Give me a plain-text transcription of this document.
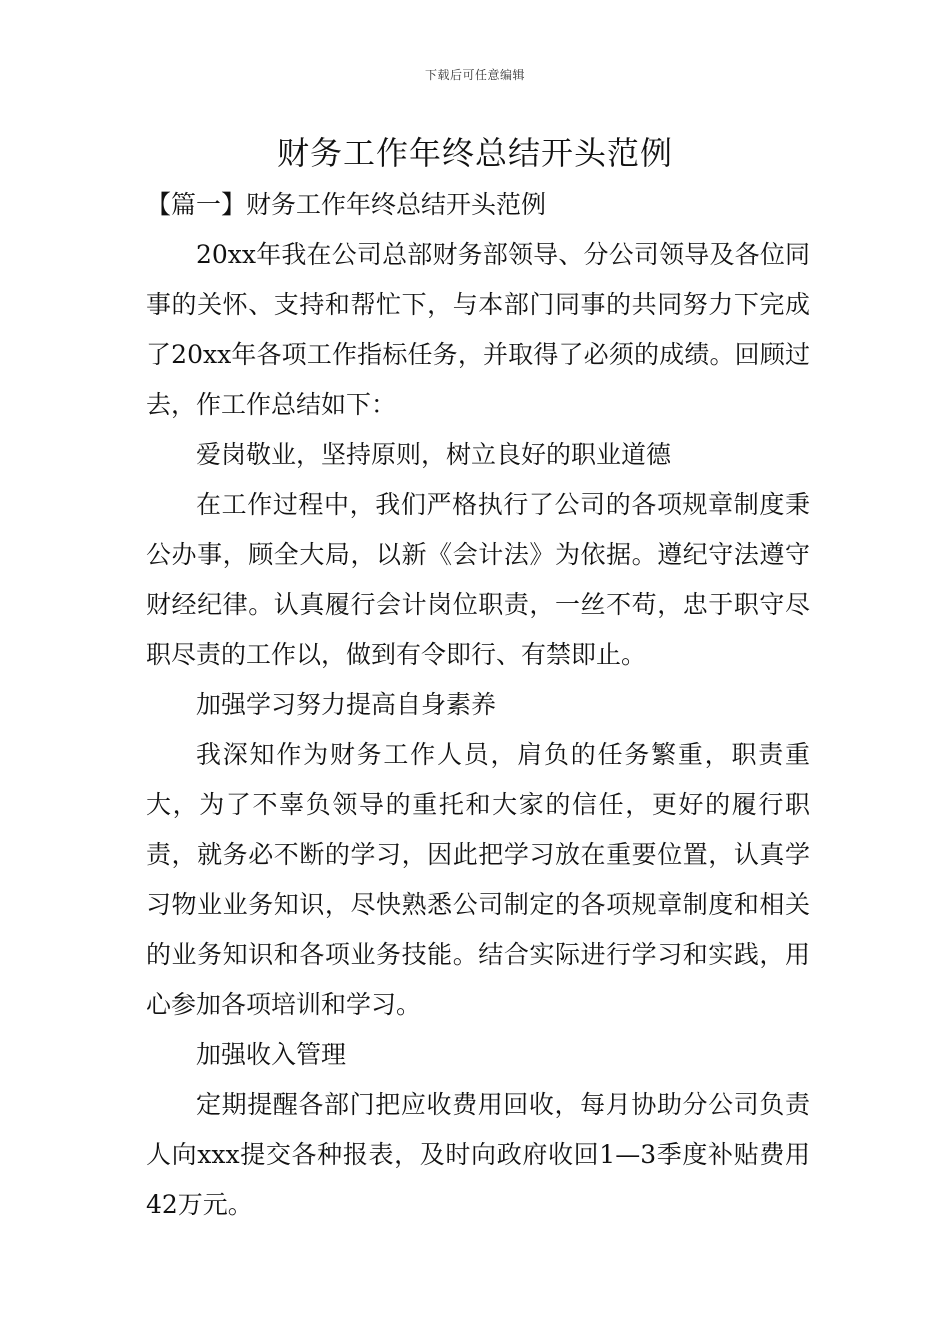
下载后可任意编辑
财务工作年终总结开头范例

【篇一】财务工作年终总结开头范例

20xx年我在公司总部财务部领导、分公司领导及各位同事的关怀、支持和帮忙下，与本部门同事的共同努力下完成了20xx年各项工作指标任务，并取得了必须的成绩。回顾过去，作工作总结如下：

爱岗敬业，坚持原则，树立良好的职业道德

在工作过程中，我们严格执行了公司的各项规章制度秉公办事，顾全大局，以新《会计法》为依据。遵纪守法遵守财经纪律。认真履行会计岗位职责，一丝不苟，忠于职守尽职尽责的工作以，做到有令即行、有禁即止。

加强学习努力提高自身素养

我深知作为财务工作人员，肩负的任务繁重，职责重大，为了不辜负领导的重托和大家的信任，更好的履行职责，就务必不断的学习，因此把学习放在重要位置，认真学习物业业务知识，尽快熟悉公司制定的各项规章制度和相关的业务知识和各项业务技能。结合实际进行学习和实践，用心参加各项培训和学习。

加强收入管理

定期提醒各部门把应收费用回收，每月协助分公司负责人向xxx提交各种报表，及时向政府收回1—3季度补贴费用42万元。
